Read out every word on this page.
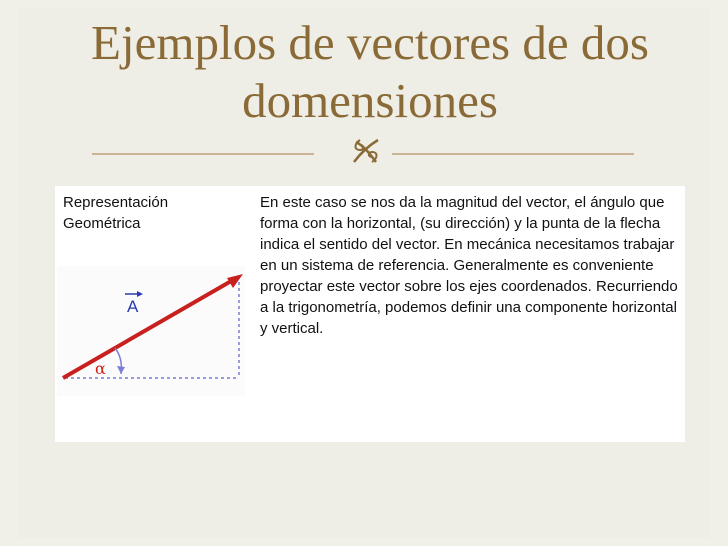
Ejemplos de vectores de dos domensiones
Representación
Geométrica
A
α

En este caso se nos da la magnitud del vector, el ángulo que forma con la horizontal, (su dirección) y la punta de la flecha indica el sentido del vector. En mecánica necesitamos trabajar en un sistema de referencia. Generalmente es conveniente proyectar este vector sobre los ejes coordenados. Recurriendo a la trigonometría, podemos definir una componente horizontal y vertical.
